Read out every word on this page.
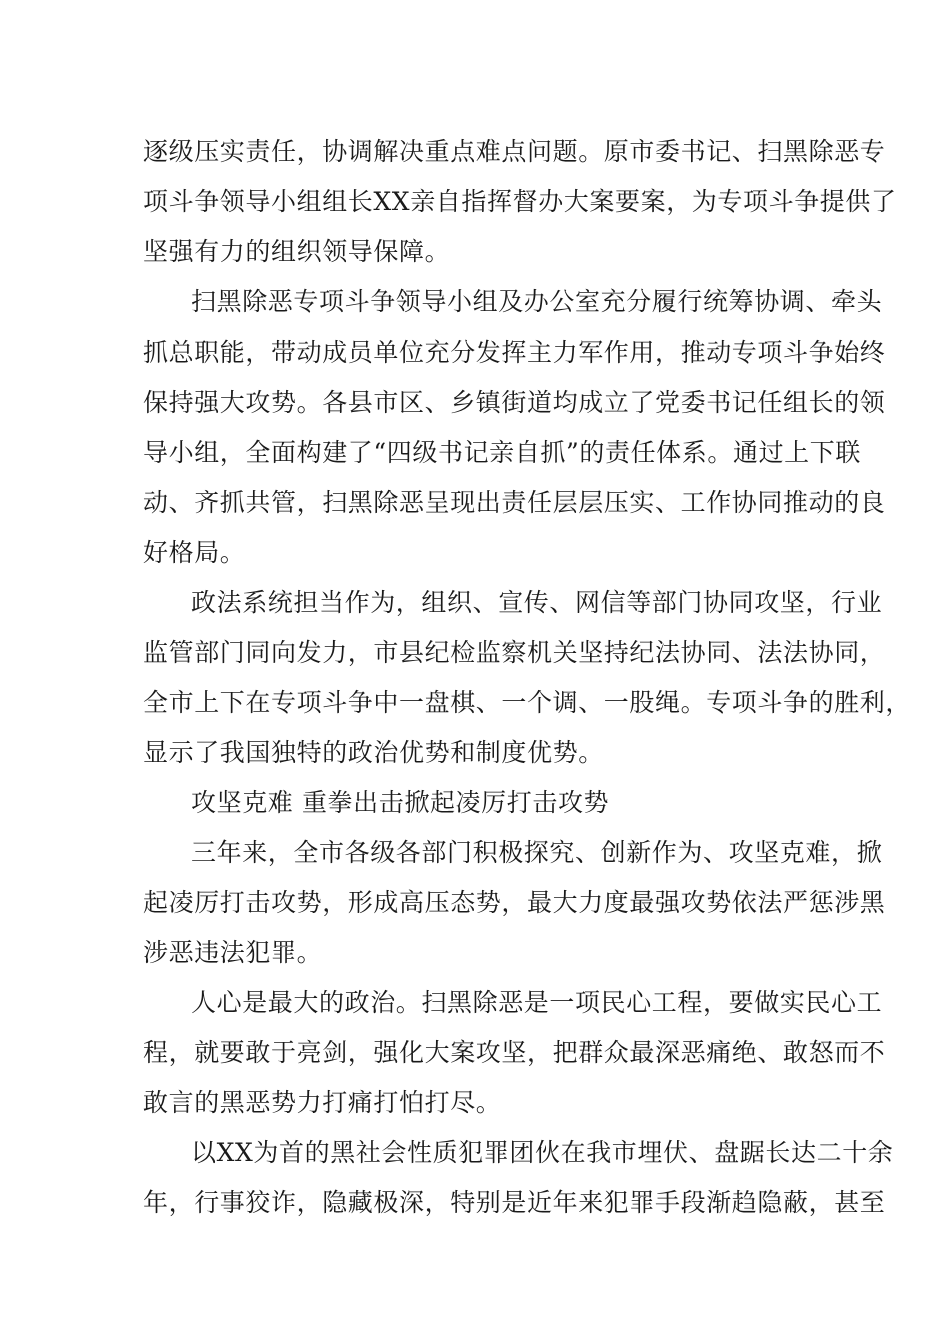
逐级压实责任，协调解决重点难点问题。原市委书记、扫黑除恶专
项斗争领导小组组长XX亲自指挥督办大案要案，为专项斗争提供了
坚强有力的组织领导保障。
扫黑除恶专项斗争领导小组及办公室充分履行统筹协调、牵头
抓总职能，带动成员单位充分发挥主力军作用，推动专项斗争始终
保持强大攻势。各县市区、乡镇街道均成立了党委书记任组长的领
导小组，全面构建了“四级书记亲自抓”的责任体系。通过上下联
动、齐抓共管，扫黑除恶呈现出责任层层压实、工作协同推动的良
好格局。
政法系统担当作为，组织、宣传、网信等部门协同攻坚，行业
监管部门同向发力，市县纪检监察机关坚持纪法协同、法法协同，
全市上下在专项斗争中一盘棋、一个调、一股绳。专项斗争的胜利，
显示了我国独特的政治优势和制度优势。
攻坚克难 重拳出击掀起凌厉打击攻势
三年来，全市各级各部门积极探究、创新作为、攻坚克难，掀
起凌厉打击攻势，形成高压态势，最大力度最强攻势依法严惩涉黑
涉恶违法犯罪。
人心是最大的政治。扫黑除恶是一项民心工程，要做实民心工
程，就要敢于亮剑，强化大案攻坚，把群众最深恶痛绝、敢怒而不
敢言的黑恶势力打痛打怕打尽。
以XX为首的黑社会性质犯罪团伙在我市埋伏、盘踞长达二十余
年，行事狡诈，隐藏极深，特别是近年来犯罪手段渐趋隐蔽，甚至
